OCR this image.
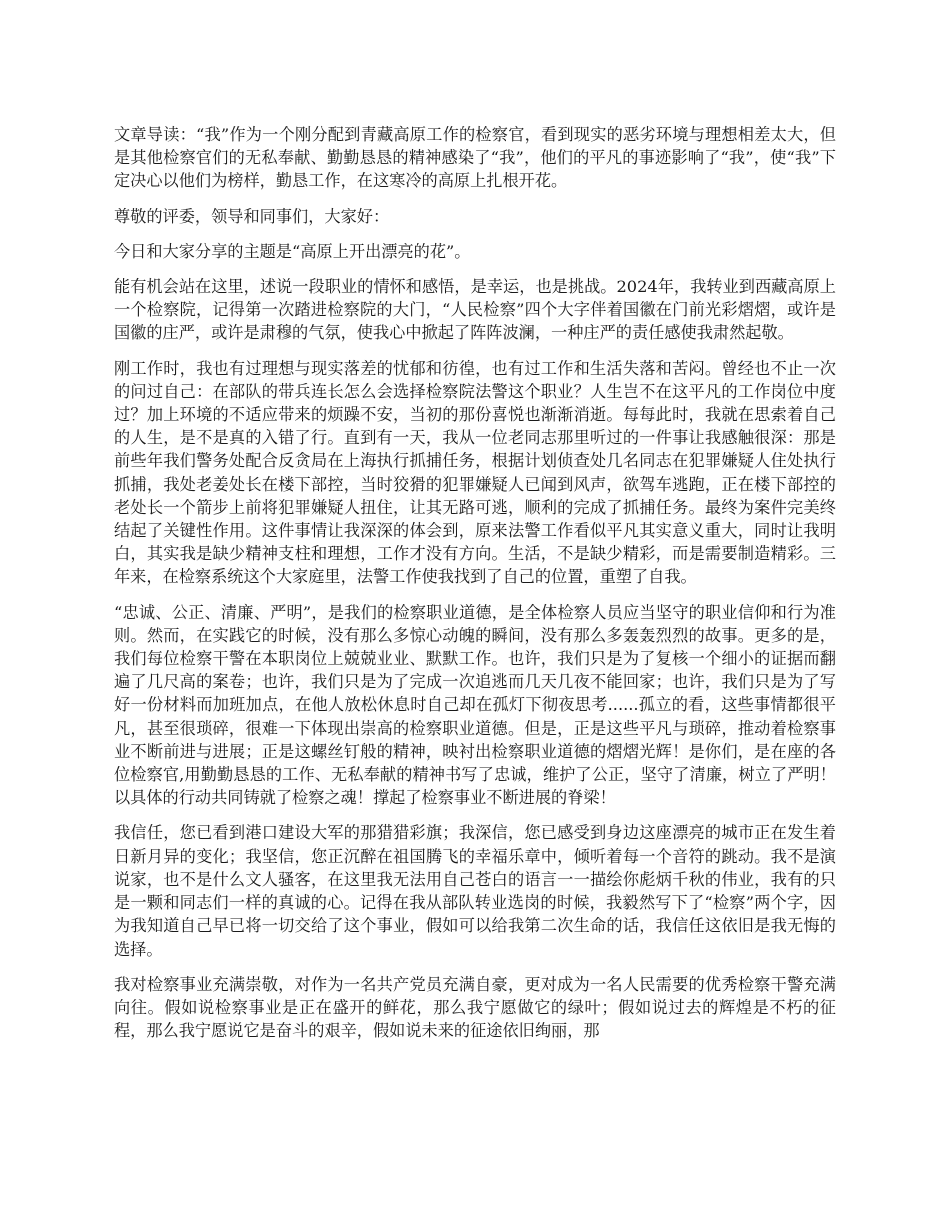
文章导读：“我”作为一个刚分配到青藏高原工作的检察官，看到现实的恶劣环境与理想相差太大，但是其他检察官们的无私奉献、勤勤恳恳的精神感染了“我”，他们的平凡的事迹影响了“我”，使“我”下定决心以他们为榜样，勤恳工作，在这寒冷的高原上扎根开花。

尊敬的评委，领导和同事们，大家好：

今日和大家分享的主题是“高原上开出漂亮的花”。

能有机会站在这里，述说一段职业的情怀和感悟，是幸运，也是挑战。2024年，我转业到西藏高原上一个检察院，记得第一次踏进检察院的大门，“人民检察”四个大字伴着国徽在门前光彩熠熠，或许是国徽的庄严，或许是肃穆的气氛，使我心中掀起了阵阵波澜，一种庄严的责任感使我肃然起敬。

刚工作时，我也有过理想与现实落差的忧郁和彷徨，也有过工作和生活失落和苦闷。曾经也不止一次的问过自己：在部队的带兵连长怎么会选择检察院法警这个职业？人生岂不在这平凡的工作岗位中度过？加上环境的不适应带来的烦躁不安，当初的那份喜悦也渐渐消逝。每每此时，我就在思索着自己的人生，是不是真的入错了行。直到有一天，我从一位老同志那里听过的一件事让我感触很深：那是前些年我们警务处配合反贪局在上海执行抓捕任务，根据计划侦查处几名同志在犯罪嫌疑人住处执行抓捕，我处老姜处长在楼下部控，当时狡猾的犯罪嫌疑人已闻到风声，欲驾车逃跑，正在楼下部控的老处长一个箭步上前将犯罪嫌疑人扭住，让其无路可逃，顺利的完成了抓捕任务。最终为案件完美终结起了关键性作用。这件事情让我深深的体会到，原来法警工作看似平凡其实意义重大，同时让我明白，其实我是缺少精神支柱和理想，工作才没有方向。生活，不是缺少精彩，而是需要制造精彩。三年来，在检察系统这个大家庭里，法警工作使我找到了自己的位置，重塑了自我。

“忠诚、公正、清廉、严明”，是我们的检察职业道德，是全体检察人员应当坚守的职业信仰和行为准则。然而，在实践它的时候，没有那么多惊心动魄的瞬间，没有那么多轰轰烈烈的故事。更多的是，我们每位检察干警在本职岗位上兢兢业业、默默工作。也许，我们只是为了复核一个细小的证据而翻遍了几尺高的案卷；也许，我们只是为了完成一次追逃而几天几夜不能回家；也许，我们只是为了写好一份材料而加班加点，在他人放松休息时自己却在孤灯下彻夜思考......孤立的看，这些事情都很平凡，甚至很琐碎，很难一下体现出崇高的检察职业道德。但是，正是这些平凡与琐碎，推动着检察事业不断前进与进展；正是这螺丝钉般的精神，映衬出检察职业道德的熠熠光辉！是你们，是在座的各位检察官,用勤勤恳恳的工作、无私奉献的精神书写了忠诚，维护了公正，坚守了清廉，树立了严明！以具体的行动共同铸就了检察之魂！撑起了检察事业不断进展的脊梁！

我信任，您已看到港口建设大军的那猎猎彩旗；我深信，您已感受到身边这座漂亮的城市正在发生着日新月异的变化；我坚信，您正沉醉在祖国腾飞的幸福乐章中，倾听着每一个音符的跳动。我不是演说家，也不是什么文人骚客，在这里我无法用自己苍白的语言一一描绘你彪炳千秋的伟业，我有的只是一颗和同志们一样的真诚的心。记得在我从部队转业选岗的时候，我毅然写下了“检察”两个字，因为我知道自己早已将一切交给了这个事业，假如可以给我第二次生命的话，我信任这依旧是我无悔的选择。

我对检察事业充满崇敬，对作为一名共产党员充满自豪，更对成为一名人民需要的优秀检察干警充满向往。假如说检察事业是正在盛开的鲜花，那么我宁愿做它的绿叶；假如说过去的辉煌是不朽的征程，那么我宁愿说它是奋斗的艰辛，假如说未来的征途依旧绚丽，那
